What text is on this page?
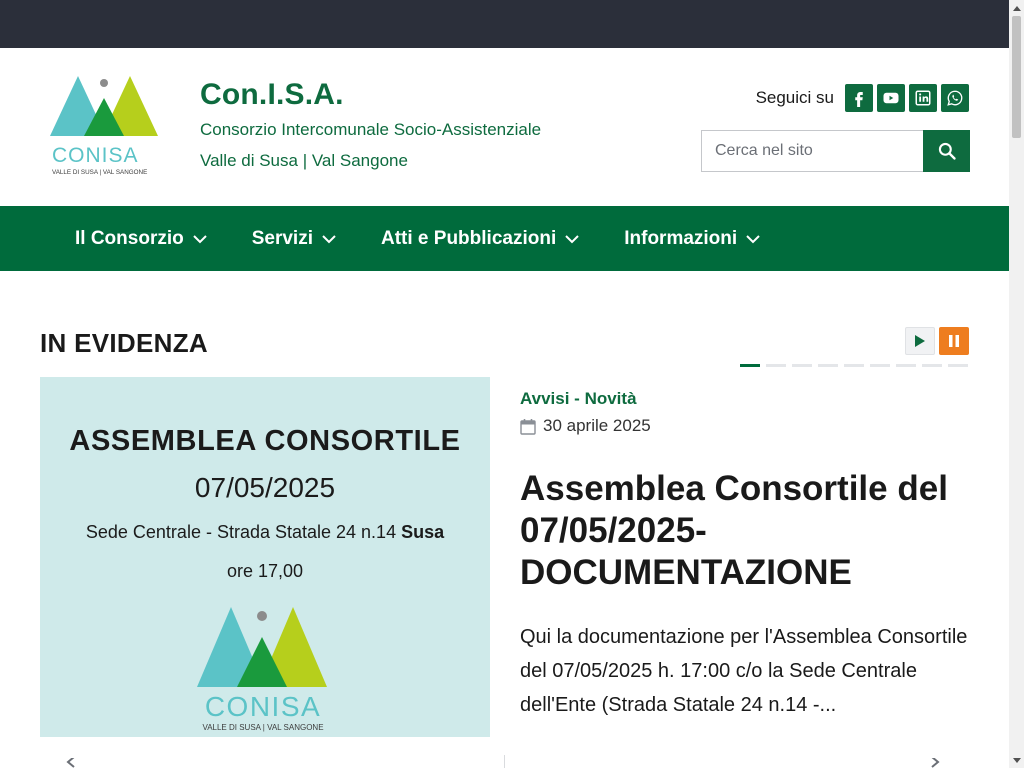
CONISA
VALLE DI SUSA | VAL SANGONE
Con.I.S.A.
Consorzio Intercomunale Socio-Assistenziale
Valle di Susa | Val Sangone
Seguici su
Cerca nel sito
Il Consorzio	Servizi	Atti e Pubblicazioni	Informazioni
IN EVIDENZA
ASSEMBLEA CONSORTILE
07/05/2025
Sede Centrale - Strada Statale 24 n.14 Susa
ore 17,00
CONISA
VALLE DI SUSA | VAL SANGONE
Avvisi - Novità
30 aprile 2025
Assemblea Consortile del 07/05/2025- DOCUMENTAZIONE

Qui la documentazione per l'Assemblea Consortile del 07/05/2025 h. 17:00 c/o la Sede Centrale dell'Ente (Strada Statale 24 n.14 -...
